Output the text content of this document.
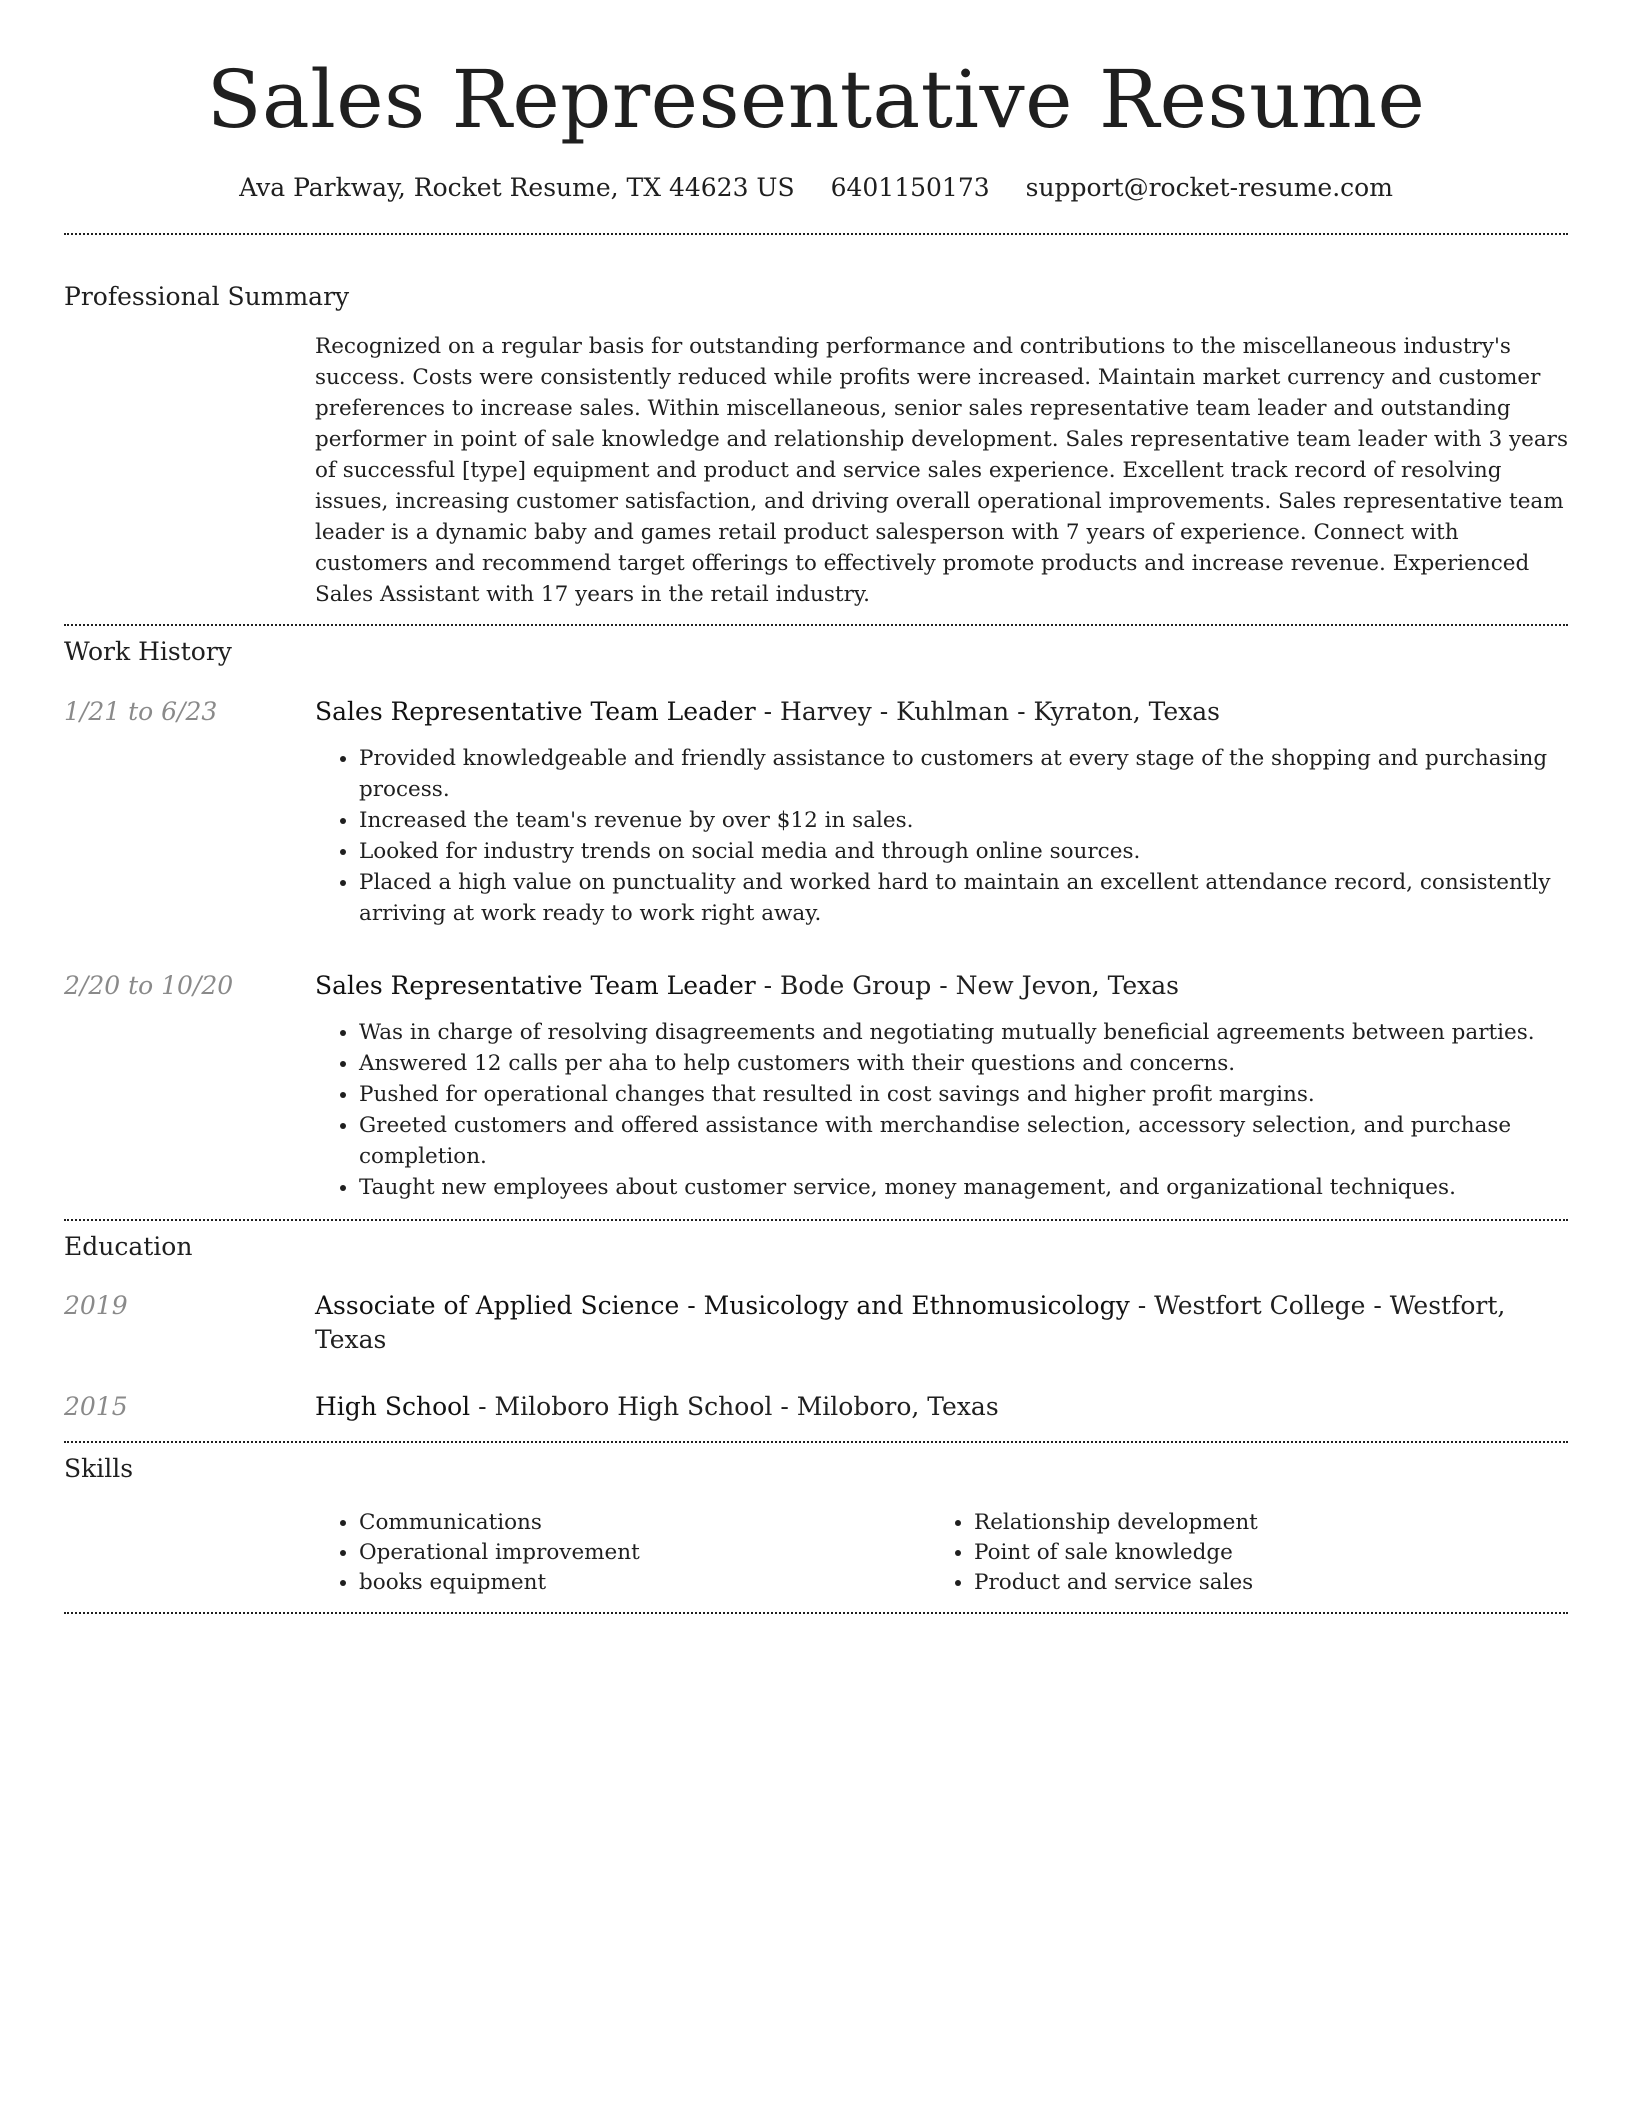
Sales Representative Resume
Ava Parkway, Rocket Resume, TX 44623 US 6401150173 support@rocket-resume.com
Professional Summary
Recognized on a regular basis for outstanding performance and contributions to the miscellaneous industry's success. Costs were consistently reduced while profits were increased. Maintain market currency and customer preferences to increase sales. Within miscellaneous, senior sales representative team leader and outstanding performer in point of sale knowledge and relationship development. Sales representative team leader with 3 years of successful [type] equipment and product and service sales experience. Excellent track record of resolving issues, increasing customer satisfaction, and driving overall operational improvements. Sales representative team leader is a dynamic baby and games retail product salesperson with 7 years of experience. Connect with customers and recommend target offerings to effectively promote products and increase revenue. Experienced Sales Assistant with 17 years in the retail industry.
Work History
1/21 to 6/23	Sales Representative Team Leader - Harvey - Kuhlman - Kyraton, Texas
• Provided knowledgeable and friendly assistance to customers at every stage of the shopping and purchasing process.
• Increased the team's revenue by over $12 in sales.
• Looked for industry trends on social media and through online sources.
• Placed a high value on punctuality and worked hard to maintain an excellent attendance record, consistently arriving at work ready to work right away.
2/20 to 10/20	Sales Representative Team Leader - Bode Group - New Jevon, Texas
• Was in charge of resolving disagreements and negotiating mutually beneficial agreements between parties.
• Answered 12 calls per aha to help customers with their questions and concerns.
• Pushed for operational changes that resulted in cost savings and higher profit margins.
• Greeted customers and offered assistance with merchandise selection, accessory selection, and purchase completion.
• Taught new employees about customer service, money management, and organizational techniques.
Education
2019	Associate of Applied Science - Musicology and Ethnomusicology - Westfort College - Westfort, Texas
2015	High School - Miloboro High School - Miloboro, Texas
Skills
• Communications
• Operational improvement
• books equipment
• Relationship development
• Point of sale knowledge
• Product and service sales
